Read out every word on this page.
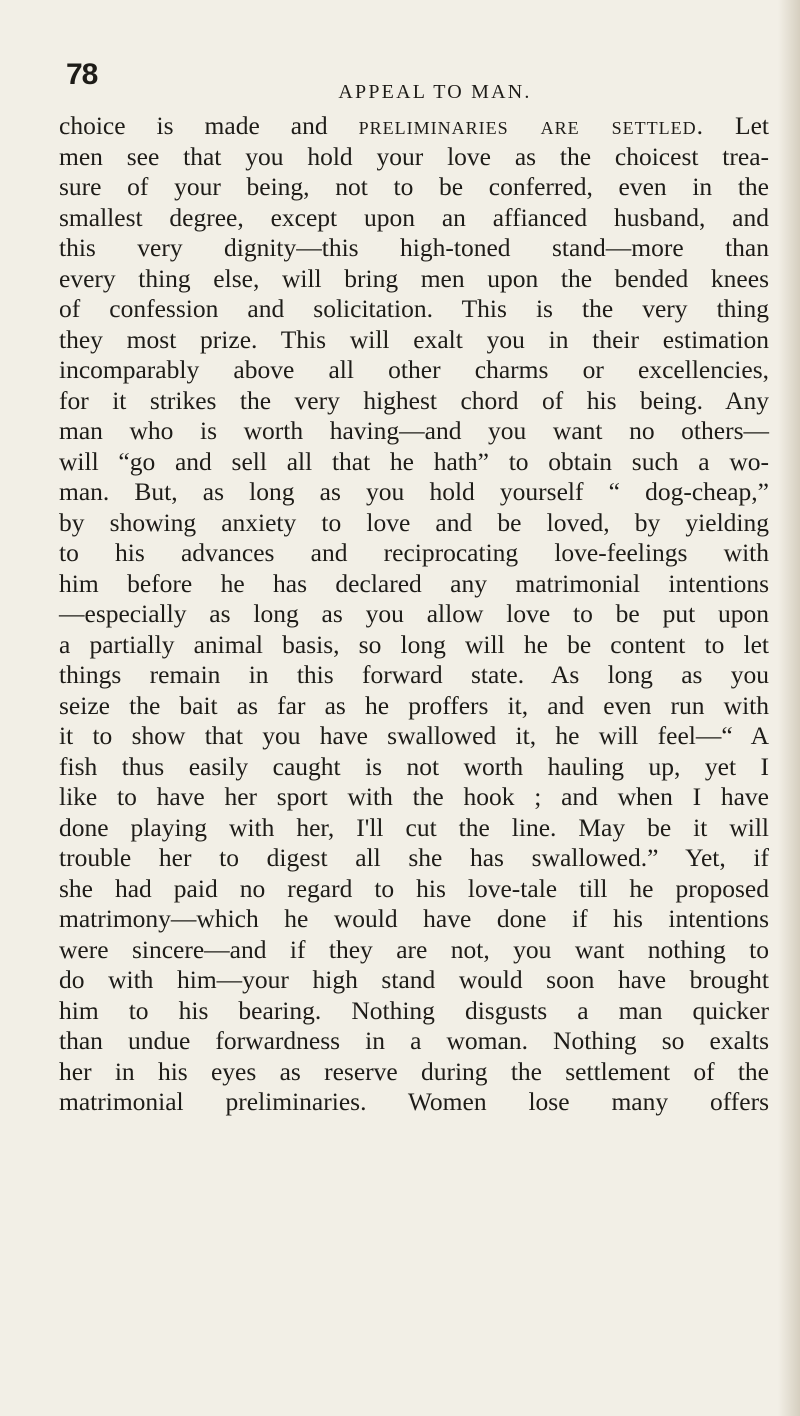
78
APPEAL TO MAN.
choice is made and preliminaries are settled. Let
men see that you hold your love as the choicest trea-
sure of your being, not to be conferred, even in the
smallest degree, except upon an affianced husband, and
this very dignity—this high-toned stand—more than
every thing else, will bring men upon the bended knees
of confession and solicitation. This is the very thing
they most prize. This will exalt you in their estimation
incomparably above all other charms or excellencies,
for it strikes the very highest chord of his being. Any
man who is worth having—and you want no others—
will “go and sell all that he hath” to obtain such a wo-
man. But, as long as you hold yourself “ dog-cheap,”
by showing anxiety to love and be loved, by yielding
to his advances and reciprocating love-feelings with
him before he has declared any matrimonial intentions
—especially as long as you allow love to be put upon
a partially animal basis, so long will he be content to let
things remain in this forward state. As long as you
seize the bait as far as he proffers it, and even run with
it to show that you have swallowed it, he will feel—“ A
fish thus easily caught is not worth hauling up, yet I
like to have her sport with the hook ; and when I have
done playing with her, I'll cut the line. May be it will
trouble her to digest all she has swallowed.” Yet, if
she had paid no regard to his love-tale till he proposed
matrimony—which he would have done if his intentions
were sincere—and if they are not, you want nothing to
do with him—your high stand would soon have brought
him to his bearing. Nothing disgusts a man quicker
than undue forwardness in a woman. Nothing so exalts
her in his eyes as reserve during the settlement of the
matrimonial preliminaries. Women lose many offers
